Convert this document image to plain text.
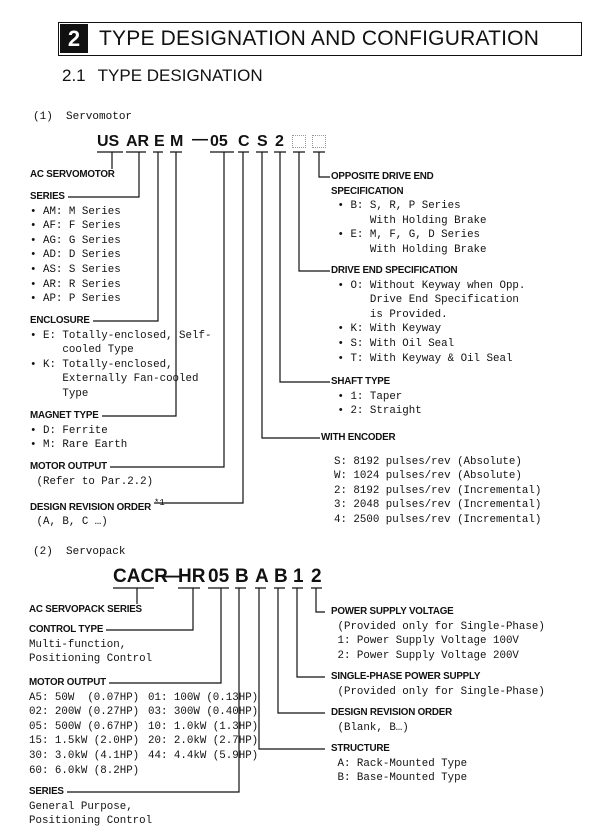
2 TYPE DESIGNATION AND CONFIGURATION
2.1 TYPE DESIGNATION
(1)  Servomotor
US AR E M — 05 C S 2
AC SERVOMOTOR
SERIES
• AM: M Series
• AF: F Series
• AG: G Series
• AD: D Series
• AS: S Series
• AR: R Series
• AP: P Series
ENCLOSURE
• E: Totally-enclosed, Self-
cooled Type
• K: Totally-enclosed,
Externally Fan-cooled
Type
MAGNET TYPE
• D: Ferrite
• M: Rare Earth
MOTOR OUTPUT
(Refer to Par.2.2)
DESIGN REVISION ORDER $^{*1}$
(A, B, C …)
OPPOSITE DRIVE END
SPECIFICATION
• B: S, R, P Series
With Holding Brake
• E: M, F, G, D Series
With Holding Brake
DRIVE END SPECIFICATION
• O: Without Keyway when Opp.
Drive End Specification
is Provided.
• K: With Keyway
• S: With Oil Seal
• T: With Keyway & Oil Seal
SHAFT TYPE
• 1: Taper
• 2: Straight
WITH ENCODER
S: 8192 pulses/rev (Absolute)
W: 1024 pulses/rev (Absolute)
2: 8192 pulses/rev (Incremental)
3: 2048 pulses/rev (Incremental)
4: 2500 pulses/rev (Incremental)
(2)  Servopack
CACR
—
HR 05 B A B 1 2
AC SERVOPACK SERIES
CONTROL TYPE
Multi-function,
Positioning Control
MOTOR OUTPUT
A5: 50W  (0.07HP) 01: 100W (0.13HP)
02: 200W (0.27HP) 03: 300W (0.40HP)
05: 500W (0.67HP) 10: 1.0kW (1.3HP)
15: 1.5kW (2.0HP) 20: 2.0kW (2.7HP)
30: 3.0kW (4.1HP) 44: 4.4kW (5.9HP)
60: 6.0kW (8.2HP)
SERIES
General Purpose,
Positioning Control
POWER SUPPLY VOLTAGE
(Provided only for Single-Phase)
1: Power Supply Voltage 100V
2: Power Supply Voltage 200V
SINGLE-PHASE POWER SUPPLY
(Provided only for Single-Phase)
DESIGN REVISION ORDER
(Blank, B…)
STRUCTURE
A: Rack-Mounted Type
B: Base-Mounted Type
